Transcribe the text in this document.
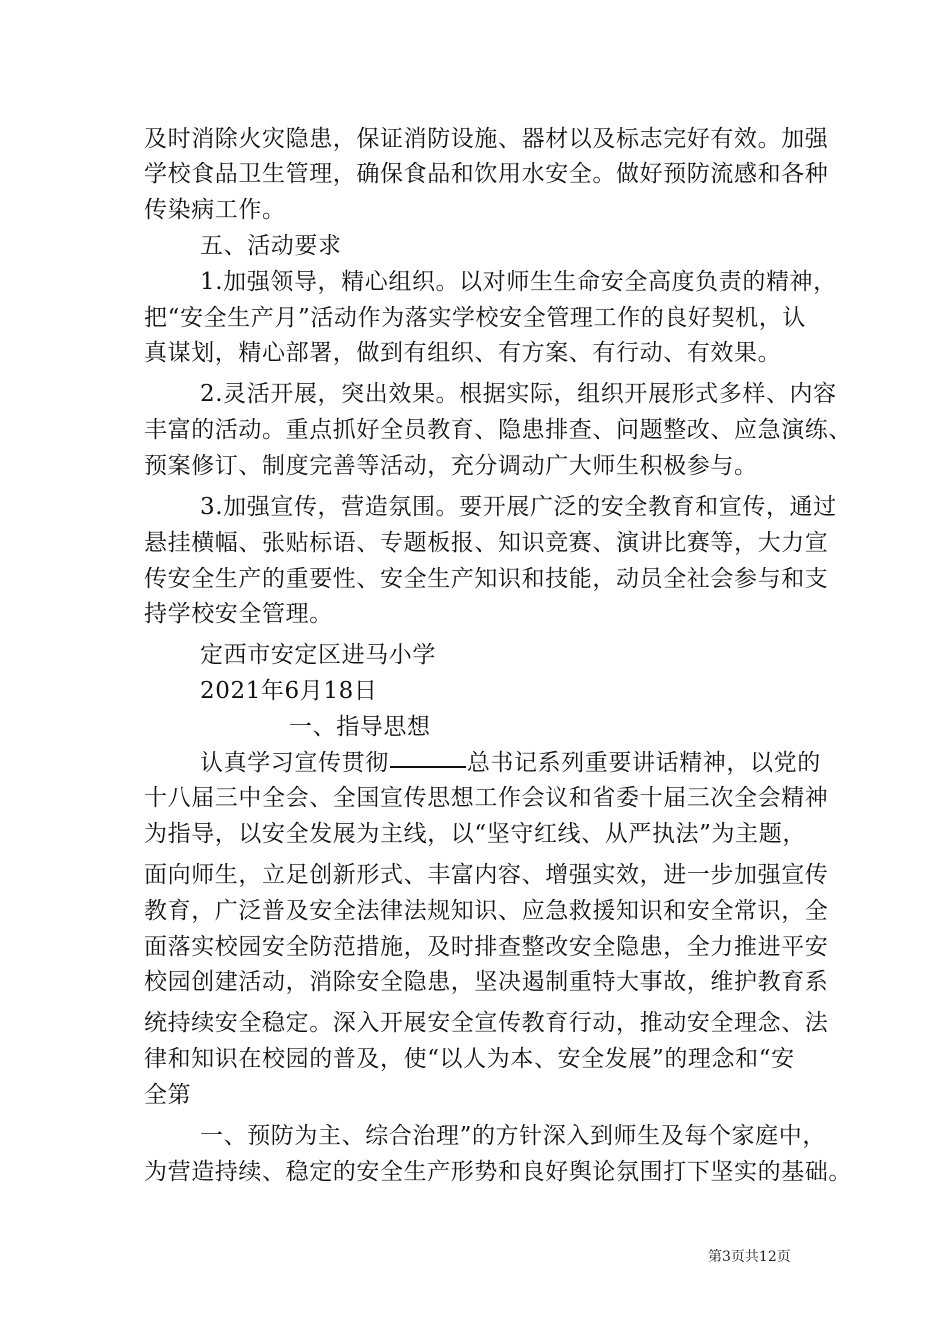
及时消除火灾隐患，保证消防设施、器材以及标志完好有效。加强
学校食品卫生管理，确保食品和饮用水安全。做好预防流感和各种
传染病工作。
五、活动要求
1.加强领导，精心组织。以对师生生命安全高度负责的精神，
把“安全生产月”活动作为落实学校安全管理工作的良好契机，认
真谋划，精心部署，做到有组织、有方案、有行动、有效果。
2.灵活开展，突出效果。根据实际，组织开展形式多样、内容
丰富的活动。重点抓好全员教育、隐患排查、问题整改、应急演练、
预案修订、制度完善等活动，充分调动广大师生积极参与。
3.加强宣传，营造氛围。要开展广泛的安全教育和宣传，通过
悬挂横幅、张贴标语、专题板报、知识竞赛、演讲比赛等，大力宣
传安全生产的重要性、安全生产知识和技能，动员全社会参与和支
持学校安全管理。
定西市安定区进马小学
2021年6月18日
一、指导思想
认真学习宣传贯彻	总书记系列重要讲话精神，以党的
十八届三中全会、全国宣传思想工作会议和省委十届三次全会精神
为指导，以安全发展为主线，以“坚守红线、从严执法”为主题，
面向师生，立足创新形式、丰富内容、增强实效，进一步加强宣传
教育，广泛普及安全法律法规知识、应急救援知识和安全常识，全
面落实校园安全防范措施，及时排查整改安全隐患，全力推进平安
校园创建活动，消除安全隐患，坚决遏制重特大事故，维护教育系
统持续安全稳定。深入开展安全宣传教育行动，推动安全理念、法
律和知识在校园的普及，使“以人为本、安全发展”的理念和“安
全第
一、预防为主、综合治理”的方针深入到师生及每个家庭中，
为营造持续、稳定的安全生产形势和良好舆论氛围打下坚实的基础。
第3页共12页
